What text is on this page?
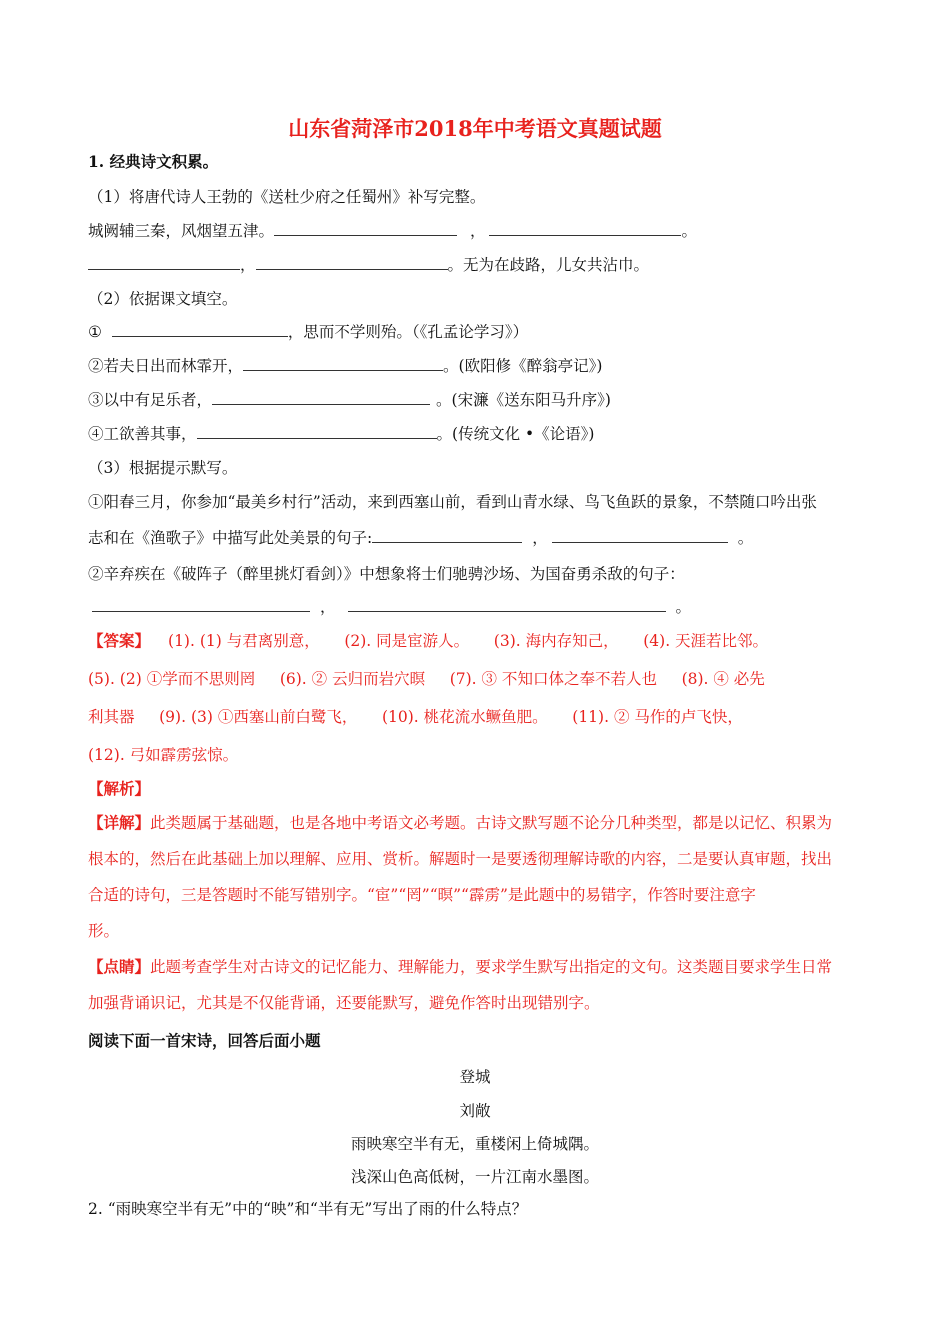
山东省菏泽市2018年中考语文真题试题
1. 经典诗文积累。
（1）将唐代诗人王勃的《送杜少府之任蜀州》补写完整。
城阙辅三秦，风烟望五津。	，	。
，	。无为在歧路，儿女共沾巾。
（2）依据课文填空。
①	，思而不学则殆。（《孔孟论学习》）
②若夫日出而林霏开，	。(欧阳修《醉翁亭记》)
③以中有足乐者，	。(宋濂《送东阳马升序》)
④工欲善其事，	。(传统文化 •《论语》)
（3）根据提示默写。
①阳春三月，你参加“最美乡村行”活动，来到西塞山前，看到山青水绿、鸟飞鱼跃的景象，不禁随口吟出张
志和在《渔歌子》中描写此处美景的句子:	，	。
②辛弃疾在《破阵子（醉里挑灯看剑）》中想象将士们驰骋沙场、为国奋勇杀敌的句子：
，	。
【答案】 (1). (1) 与君离别意，     (2). 同是宦游人。     (3). 海内存知己，     (4). 天涯若比邻。
(5). (2) ①学而不思则罔     (6). ② 云归而岩穴暝     (7). ③ 不知口体之奉不若人也     (8). ④ 必先
利其器     (9). (3) ①西塞山前白鹭飞，     (10). 桃花流水鳜鱼肥。     (11). ② 马作的卢飞快，
(12). 弓如霹雳弦惊。
【解析】
【详解】此类题属于基础题，也是各地中考语文必考题。古诗文默写题不论分几种类型，都是以记忆、积累为
根本的，然后在此基础上加以理解、应用、赏析。解题时一是要透彻理解诗歌的内容，二是要认真审题，找出
合适的诗句，三是答题时不能写错别字。“宦”“罔”“暝”“霹雳”是此题中的易错字，作答时要注意字
形。
【点睛】此题考查学生对古诗文的记忆能力、理解能力，要求学生默写出指定的文句。这类题目要求学生日常
加强背诵识记，尤其是不仅能背诵，还要能默写，避免作答时出现错别字。
阅读下面一首宋诗，回答后面小题
登城
刘敞
雨映寒空半有无，重楼闲上倚城隅。
浅深山色高低树，一片江南水墨图。
2. “雨映寒空半有无”中的“映”和“半有无”写出了雨的什么特点？
